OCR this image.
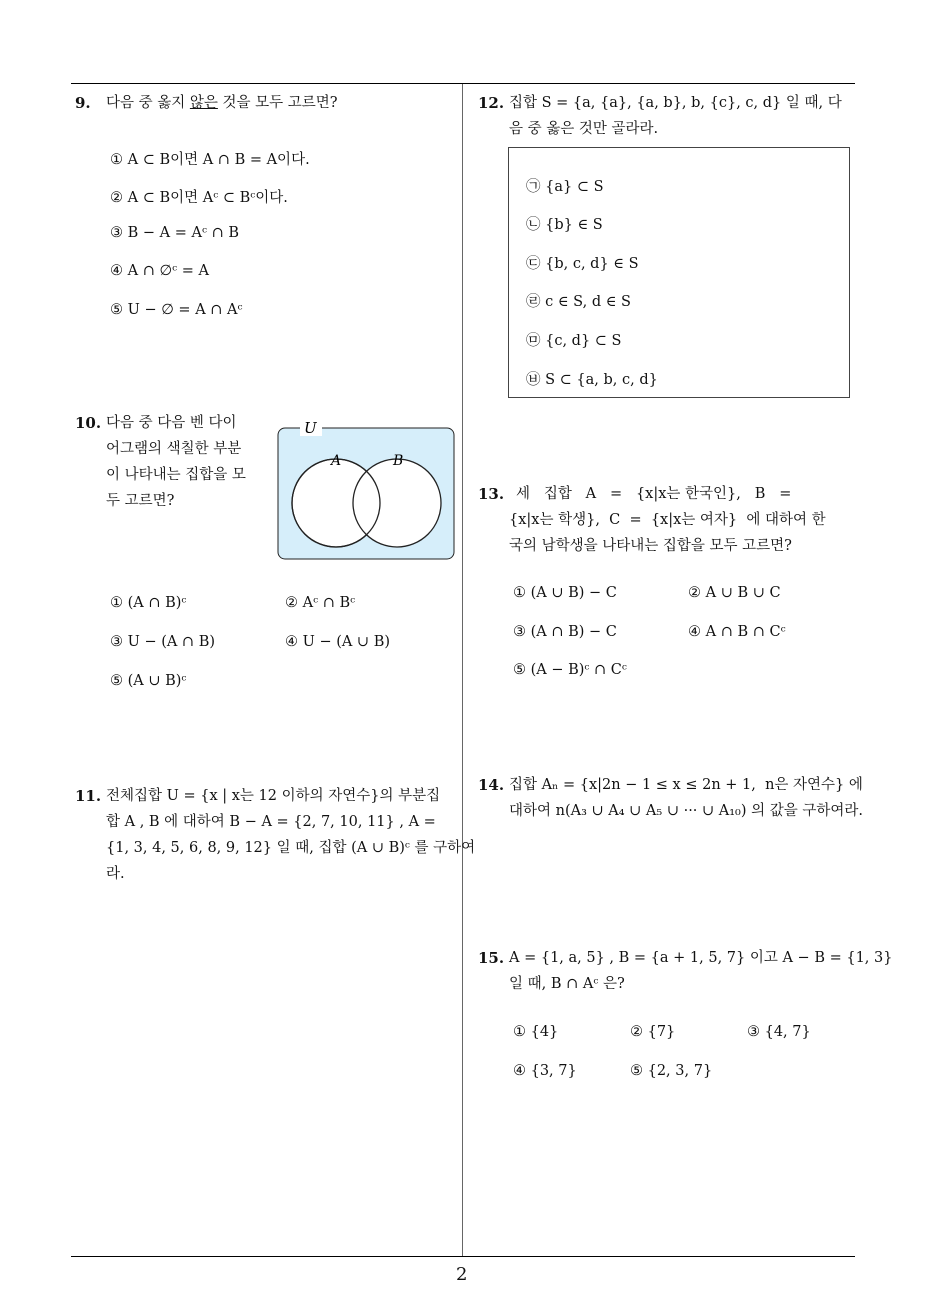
9. 다음 중 옳지 않은 것을 모두 고르면?
① A ⊂ B이면 A ∩ B = A이다.
② A ⊂ B이면 Aᶜ ⊂ Bᶜ이다.
③ B − A = Aᶜ ∩ B
④ A ∩ ∅ᶜ = A
⑤ U − ∅ = A ∩ Aᶜ
10. 다음 중 다음 벤 다이
어그램의 색칠한 부분
이 나타내는 집합을 모
두 고르면?
U
A	B
① (A ∩ B)ᶜ	② Aᶜ ∩ Bᶜ
③ U − (A ∩ B)	④ U − (A ∪ B)
⑤ (A ∪ B)ᶜ
11. 전체집합 U = {x | x는 12 이하의 자연수}의 부분집
합 A , B 에 대하여 B − A = {2, 7, 10, 11} , A =
{1, 3, 4, 5, 6, 8, 9, 12} 일 때, 집합 (A ∪ B)ᶜ 를 구하여
라.
12. 집합 S = {a, {a}, {a, b}, b, {c}, c, d} 일 때, 다
음 중 옳은 것만 골라라.
㉠ {a} ⊂ S
㉡ {b} ∈ S
㉢ {b, c, d} ∈ S
㉣ c ∈ S, d ∈ S
㉤ {c, d} ⊂ S
㉥ S ⊂ {a, b, c, d}
13. 세   집합   A   =   {x|x는 한국인},   B   =
{x|x는 학생},  C  =  {x|x는 여자}  에 대하여 한
국의 남학생을 나타내는 집합을 모두 고르면?
① (A ∪ B) − C	② A ∪ B ∪ C
③ (A ∩ B) − C	④ A ∩ B ∩ Cᶜ
⑤ (A − B)ᶜ ∩ Cᶜ
14. 집합 Aₙ = {x|2n − 1 ≤ x ≤ 2n + 1,  n은 자연수} 에
대하여 n(A₃ ∪ A₄ ∪ A₅ ∪ ··· ∪ A₁₀) 의 값을 구하여라.
15. A = {1, a, 5} , B = {a + 1, 5, 7} 이고 A − B = {1, 3}
일 때, B ∩ Aᶜ 은?
① {4}	② {7}	③ {4, 7}
④ {3, 7}	⑤ {2, 3, 7}
2
